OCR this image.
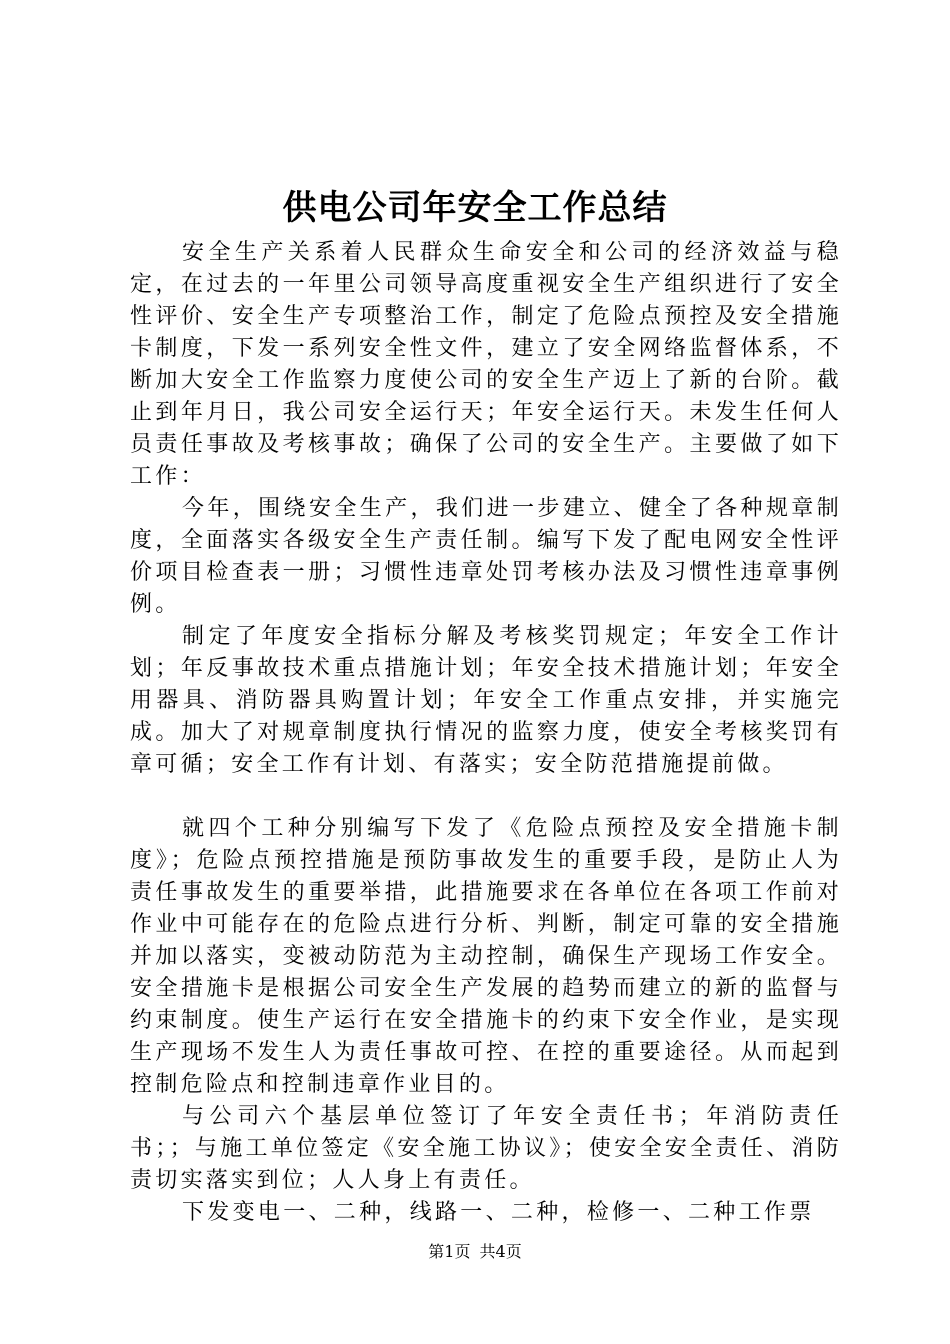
供电公司年安全工作总结

安全生产关系着人民群众生命安全和公司的经济效益与稳定，在过去的一年里公司领导高度重视安全生产组织进行了安全性评价、安全生产专项整治工作，制定了危险点预控及安全措施卡制度，下发一系列安全性文件，建立了安全网络监督体系，不断加大安全工作监察力度使公司的安全生产迈上了新的台阶。截止到年月日，我公司安全运行天；年安全运行天。未发生任何人员责任事故及考核事故；确保了公司的安全生产。主要做了如下工作：

今年，围绕安全生产，我们进一步建立、健全了各种规章制度，全面落实各级安全生产责任制。编写下发了配电网安全性评价项目检查表一册；习惯性违章处罚考核办法及习惯性违章事例例。

制定了年度安全指标分解及考核奖罚规定；年安全工作计划；年反事故技术重点措施计划；年安全技术措施计划；年安全用器具、消防器具购置计划；年安全工作重点安排，并实施完成。加大了对规章制度执行情况的监察力度，使安全考核奖罚有章可循；安全工作有计划、有落实；安全防范措施提前做。

就四个工种分别编写下发了《危险点预控及安全措施卡制度》；危险点预控措施是预防事故发生的重要手段，是防止人为责任事故发生的重要举措，此措施要求在各单位在各项工作前对作业中可能存在的危险点进行分析、判断，制定可靠的安全措施并加以落实，变被动防范为主动控制，确保生产现场工作安全。安全措施卡是根据公司安全生产发展的趋势而建立的新的监督与约束制度。使生产运行在安全措施卡的约束下安全作业，是实现生产现场不发生人为责任事故可控、在控的重要途径。从而起到控制危险点和控制违章作业目的。

与公司六个基层单位签订了年安全责任书；年消防责任书；；与施工单位签定《安全施工协议》；使安全安全责任、消防责切实落实到位；人人身上有责任。

下发变电一、二种，线路一、二种，检修一、二种工作票

第1页 共4页
